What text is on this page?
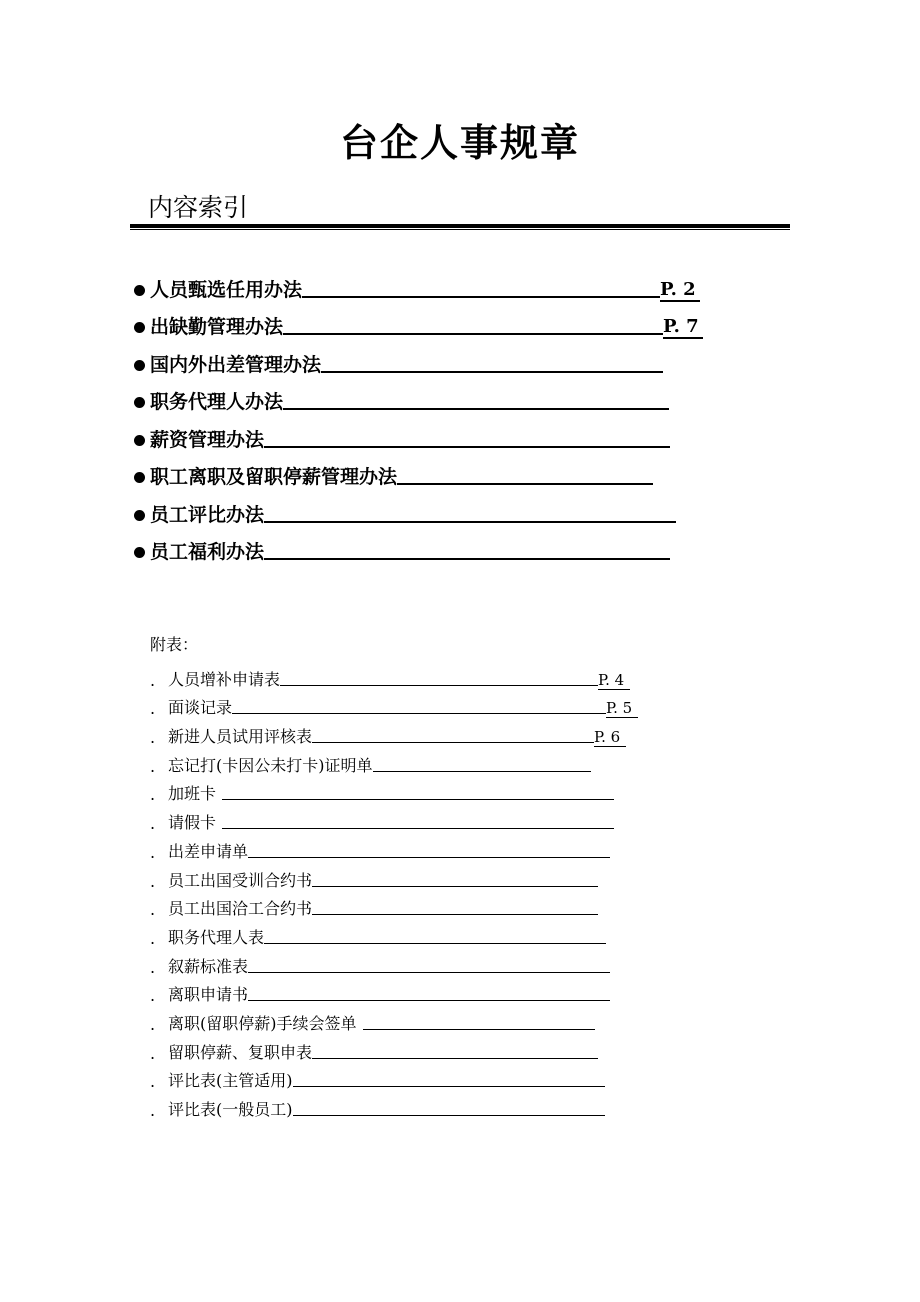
台企人事规章
内容索引
人员甄选任用办法	P. 2
出缺勤管理办法	P. 7
国内外出差管理办法
职务代理人办法
薪资管理办法
职工离职及留职停薪管理办法
员工评比办法
员工福利办法
附表：
. 人员增补申请表	P. 4
. 面谈记录	P. 5
. 新进人员试用评核表	P. 6
. 忘记打(卡因公未打卡)证明单
. 加班卡
. 请假卡
. 出差申请单
. 员工出国受训合约书
. 员工出国洽工合约书
. 职务代理人表
. 叙薪标准表
. 离职申请书
. 离职(留职停薪)手续会签单
. 留职停薪、复职申表
. 评比表(主管适用)
. 评比表(一般员工)
